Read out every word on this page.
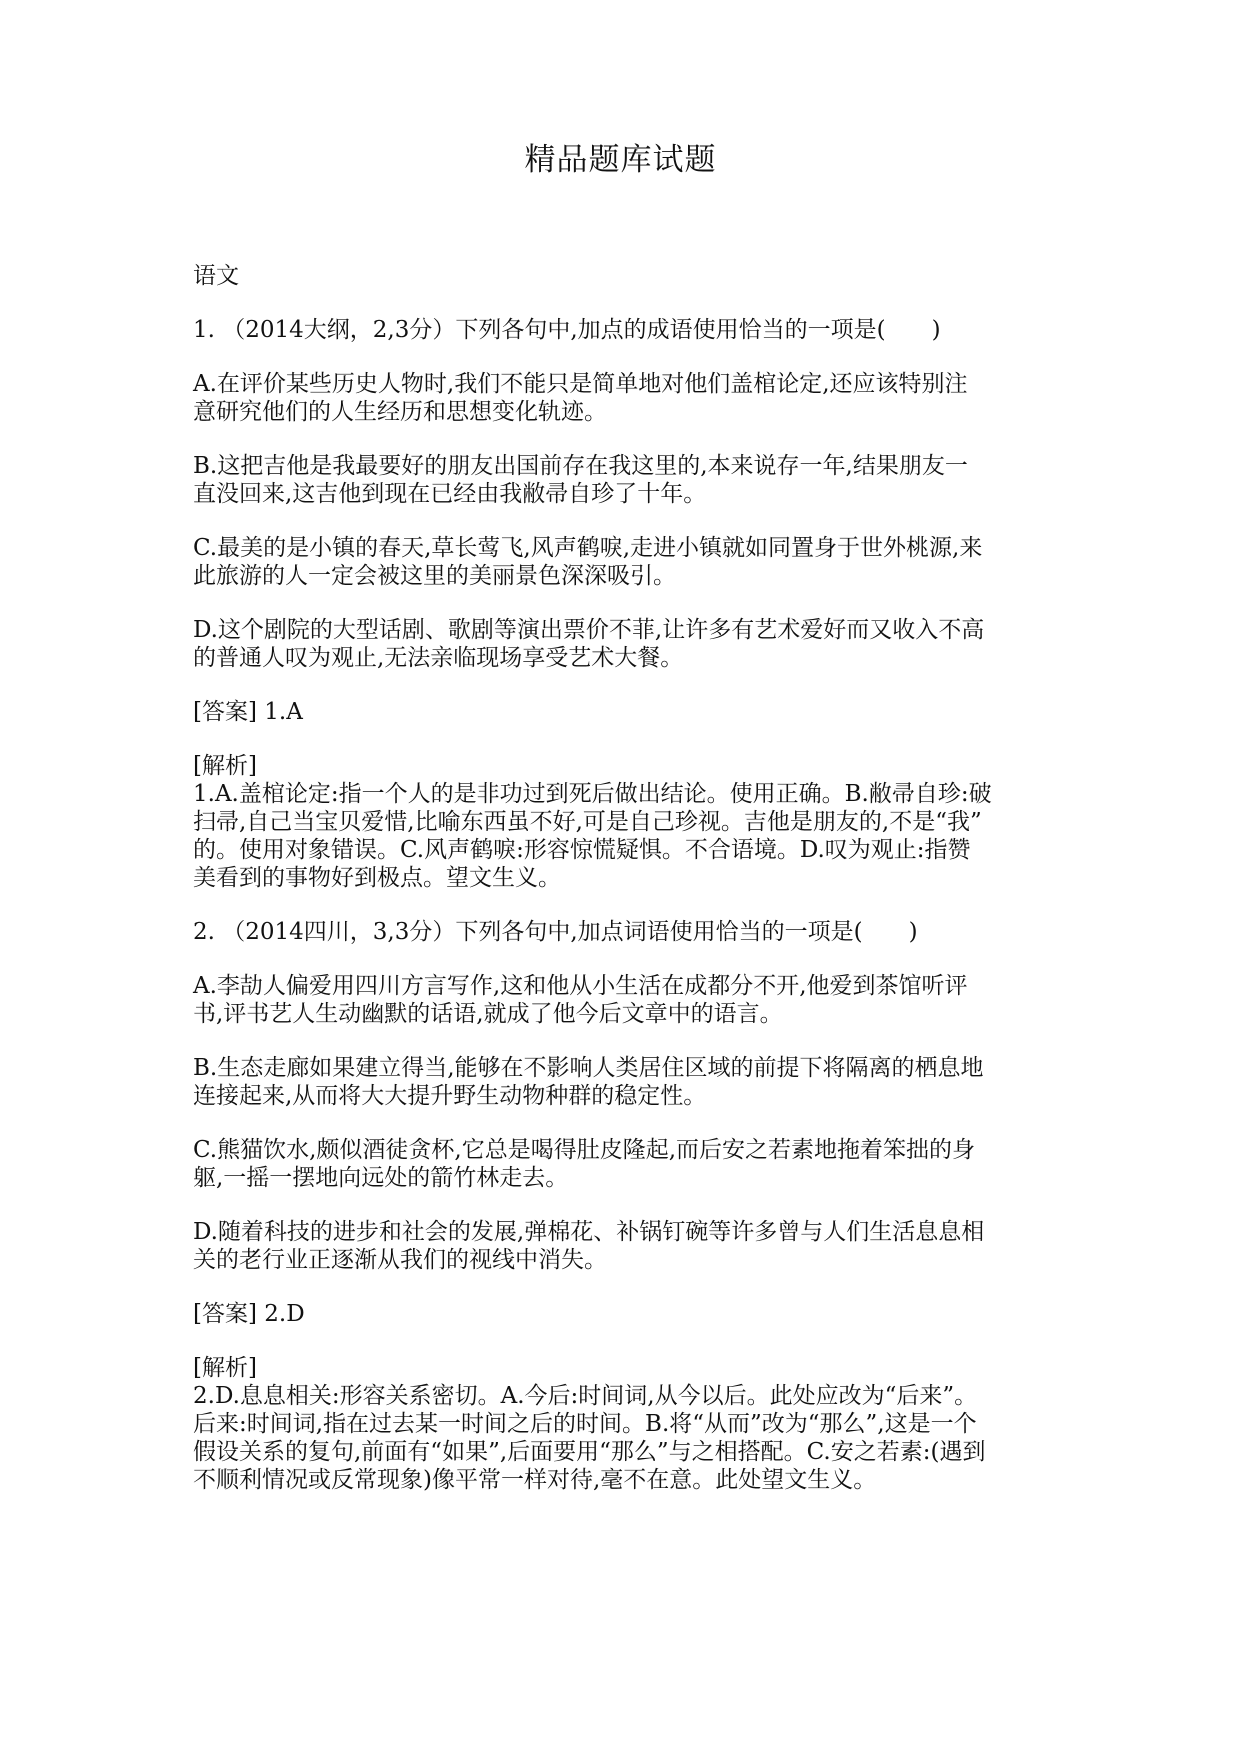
精品题库试题

语文

1. （2014大纲，2,3分）下列各句中,加点的成语使用恰当的一项是(　　)

A.在评价某些历史人物时,我们不能只是简单地对他们盖棺论定,还应该特别注
意研究他们的人生经历和思想变化轨迹。

B.这把吉他是我最要好的朋友出国前存在我这里的,本来说存一年,结果朋友一
直没回来,这吉他到现在已经由我敝帚自珍了十年。

C.最美的是小镇的春天,草长莺飞,风声鹤唳,走进小镇就如同置身于世外桃源,来
此旅游的人一定会被这里的美丽景色深深吸引。

D.这个剧院的大型话剧、歌剧等演出票价不菲,让许多有艺术爱好而又收入不高
的普通人叹为观止,无法亲临现场享受艺术大餐。

[答案] 1.A

[解析]
1.A.盖棺论定:指一个人的是非功过到死后做出结论。使用正确。B.敝帚自珍:破
扫帚,自己当宝贝爱惜,比喻东西虽不好,可是自己珍视。吉他是朋友的,不是“我”
的。使用对象错误。C.风声鹤唳:形容惊慌疑惧。不合语境。D.叹为观止:指赞
美看到的事物好到极点。望文生义。

2. （2014四川，3,3分）下列各句中,加点词语使用恰当的一项是(　　)

A.李劼人偏爱用四川方言写作,这和他从小生活在成都分不开,他爱到茶馆听评
书,评书艺人生动幽默的话语,就成了他今后文章中的语言。

B.生态走廊如果建立得当,能够在不影响人类居住区域的前提下将隔离的栖息地
连接起来,从而将大大提升野生动物种群的稳定性。

C.熊猫饮水,颇似酒徒贪杯,它总是喝得肚皮隆起,而后安之若素地拖着笨拙的身
躯,一摇一摆地向远处的箭竹林走去。

D.随着科技的进步和社会的发展,弹棉花、补锅钉碗等许多曾与人们生活息息相
关的老行业正逐渐从我们的视线中消失。

[答案] 2.D

[解析]
2.D.息息相关:形容关系密切。A.今后:时间词,从今以后。此处应改为“后来”。
后来:时间词,指在过去某一时间之后的时间。B.将“从而”改为“那么”,这是一个
假设关系的复句,前面有“如果”,后面要用“那么”与之相搭配。C.安之若素:(遇到
不顺利情况或反常现象)像平常一样对待,毫不在意。此处望文生义。
